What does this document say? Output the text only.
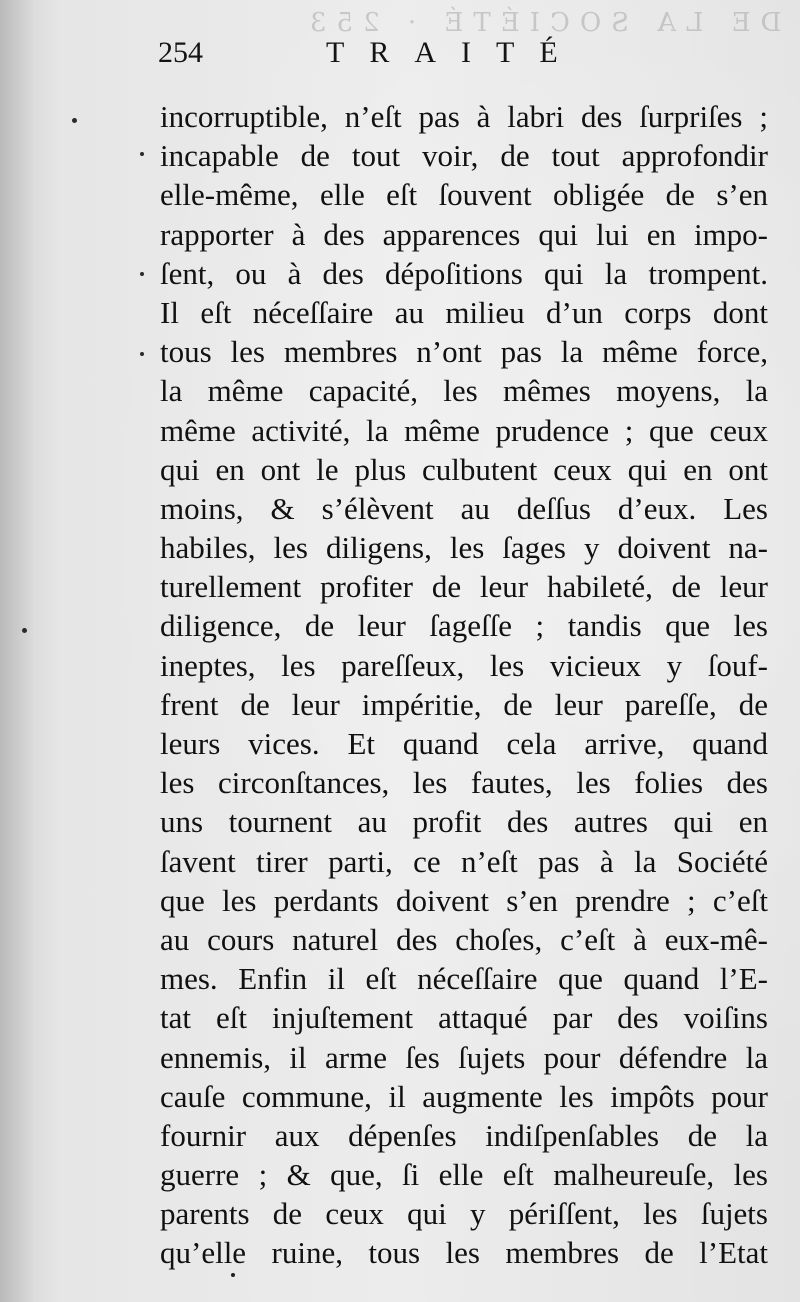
DE LA SOCIÉTÉ · 253
254	TRAITÉ
incorruptible, n’eſt pas à labri des ſurpriſes ;
incapable de tout voir, de tout approfondir
elle-même, elle eſt ſouvent obligée de s’en
rapporter à des apparences qui lui en impo-
ſent, ou à des dépoſitions qui la trompent.
Il eſt néceſſaire au milieu d’un corps dont
tous les membres n’ont pas la même force,
la même capacité, les mêmes moyens, la
même activité, la même prudence ; que ceux
qui en ont le plus culbutent ceux qui en ont
moins, & s’élèvent au deſſus d’eux. Les
habiles, les diligens, les ſages y doivent na-
turellement profiter de leur habileté, de leur
diligence, de leur ſageſſe ; tandis que les
ineptes, les pareſſeux, les vicieux y ſouf-
frent de leur impéritie, de leur pareſſe, de
leurs vices. Et quand cela arrive, quand
les circonſtances, les fautes, les folies des
uns tournent au profit des autres qui en
ſavent tirer parti, ce n’eſt pas à la Société
que les perdants doivent s’en prendre ; c’eſt
au cours naturel des choſes, c’eſt à eux-mê-
mes. Enfin il eſt néceſſaire que quand l’E-
tat eſt injuſtement attaqué par des voiſins
ennemis, il arme ſes ſujets pour défendre la
cauſe commune, il augmente les impôts pour
fournir aux dépenſes indiſpenſables de la
guerre ; & que, ſi elle eſt malheureuſe, les
parents de ceux qui y périſſent, les ſujets
qu’elle ruine, tous les membres de l’Etat
